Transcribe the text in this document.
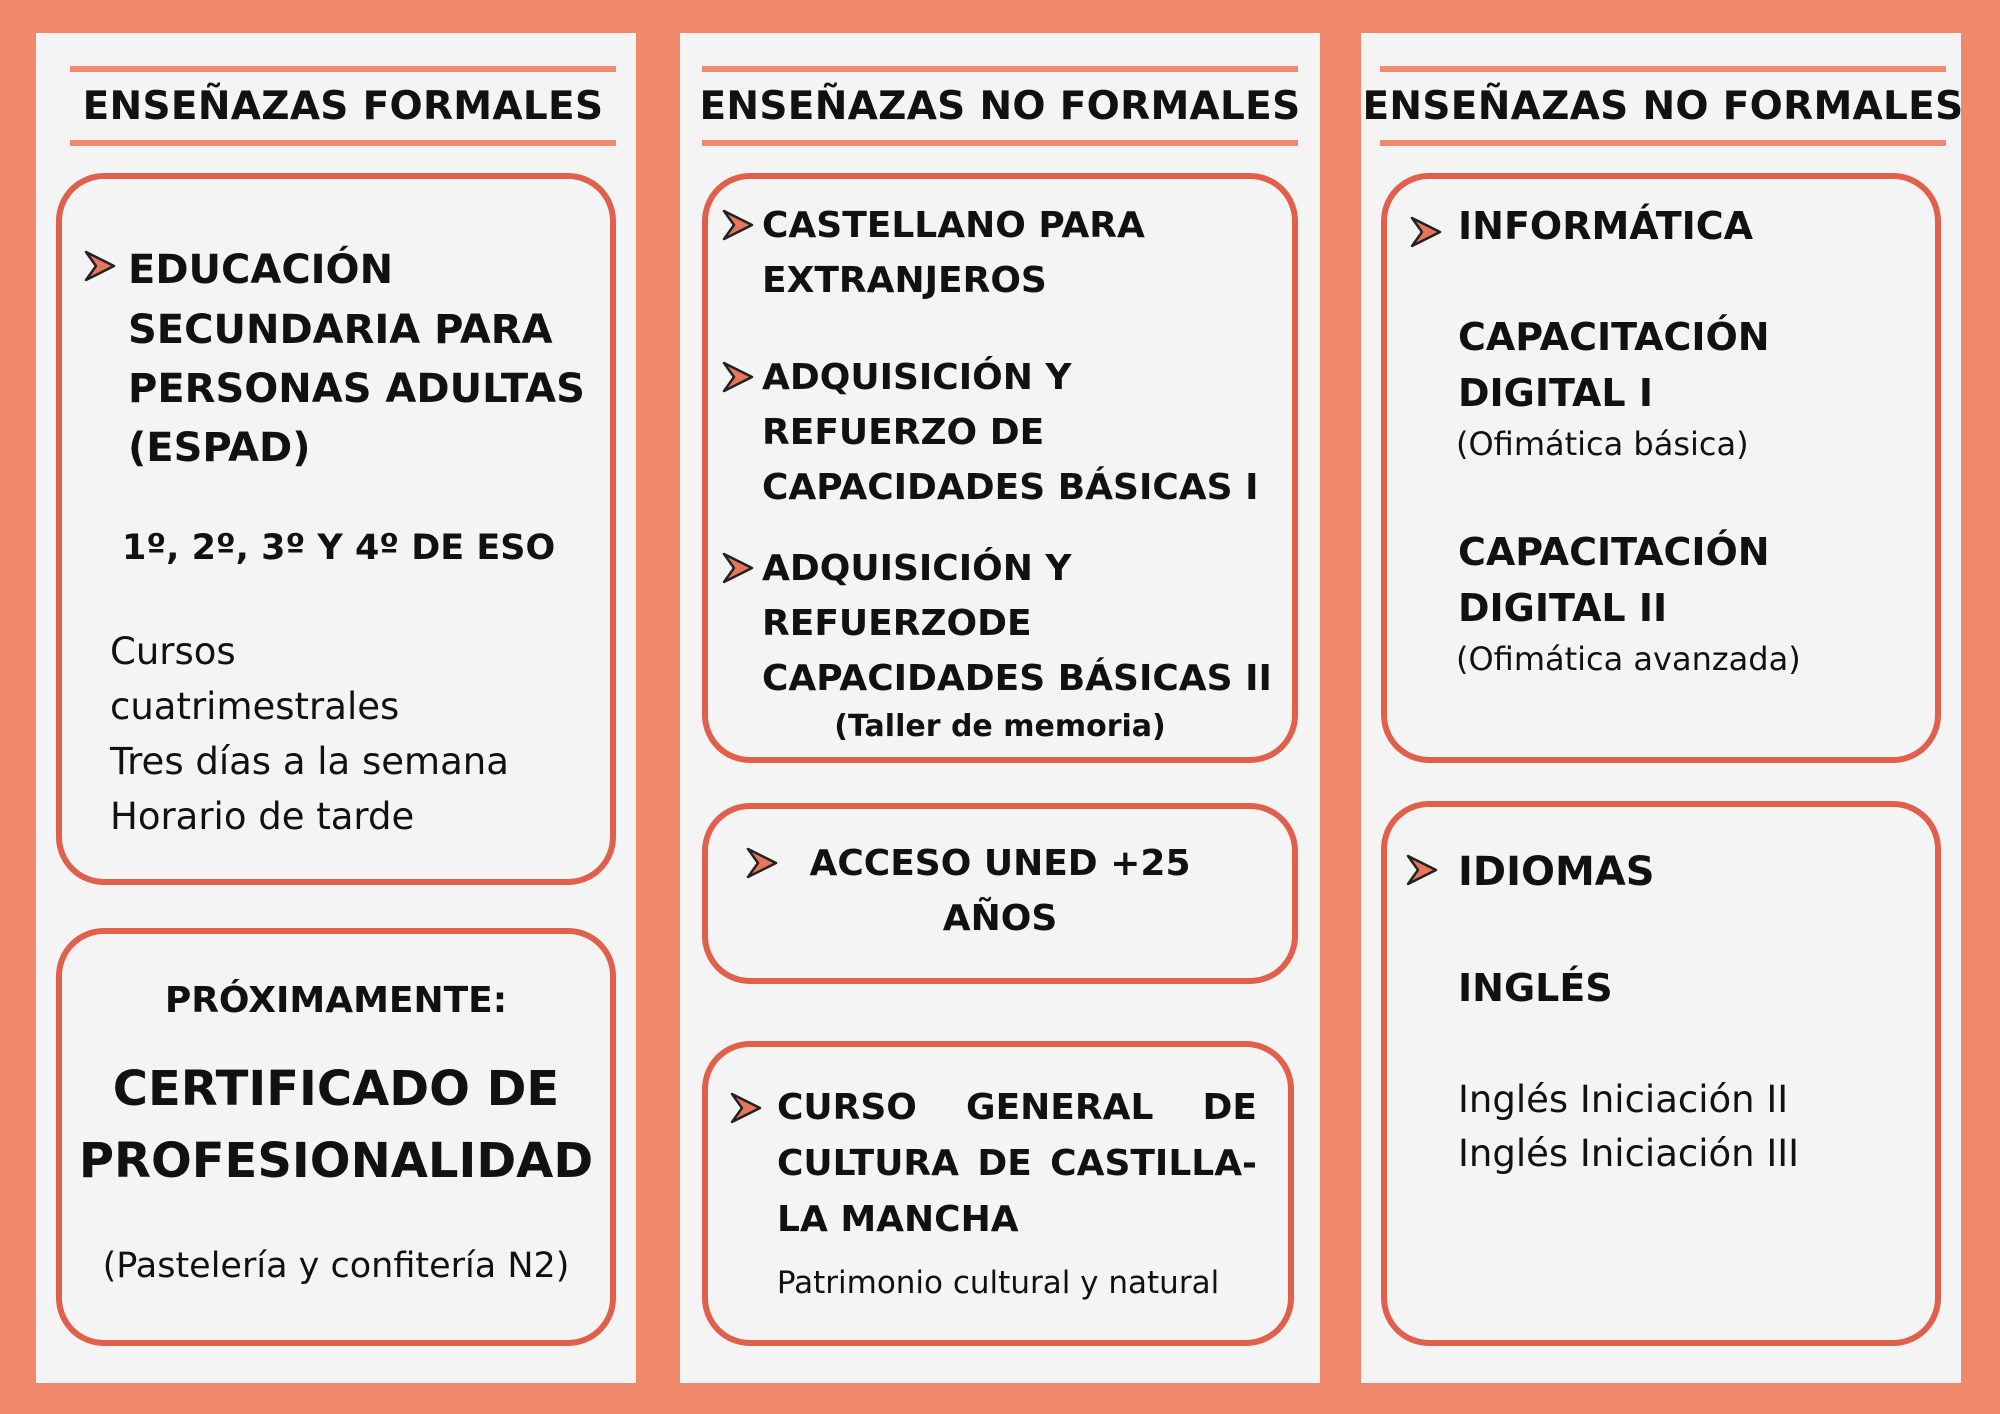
ENSEÑAZAS FORMALES
EDUCACIÓN
SECUNDARIA PARA
PERSONAS ADULTAS
(ESPAD)
1º, 2º, 3º Y 4º DE ESO
Cursos
cuatrimestrales
Tres días a la semana
Horario de tarde
PRÓXIMAMENTE:
CERTIFICADO DE
PROFESIONALIDAD
(Pastelería y confitería N2)
ENSEÑAZAS NO FORMALES
CASTELLANO PARA
EXTRANJEROS
ADQUISICIÓN Y
REFUERZO DE
CAPACIDADES BÁSICAS I
ADQUISICIÓN Y
REFUERZODE
CAPACIDADES BÁSICAS II
(Taller de memoria)
ACCESO UNED +25
AÑOS
CURSO GENERAL DE
CULTURA DE CASTILLA-
LA MANCHA
Patrimonio cultural y natural
ENSEÑAZAS NO FORMALES
INFORMÁTICA
CAPACITACIÓN
DIGITAL I
(Ofimática básica)
CAPACITACIÓN
DIGITAL II
(Ofimática avanzada)
IDIOMAS
INGLÉS
Inglés Iniciación II
Inglés Iniciación III
